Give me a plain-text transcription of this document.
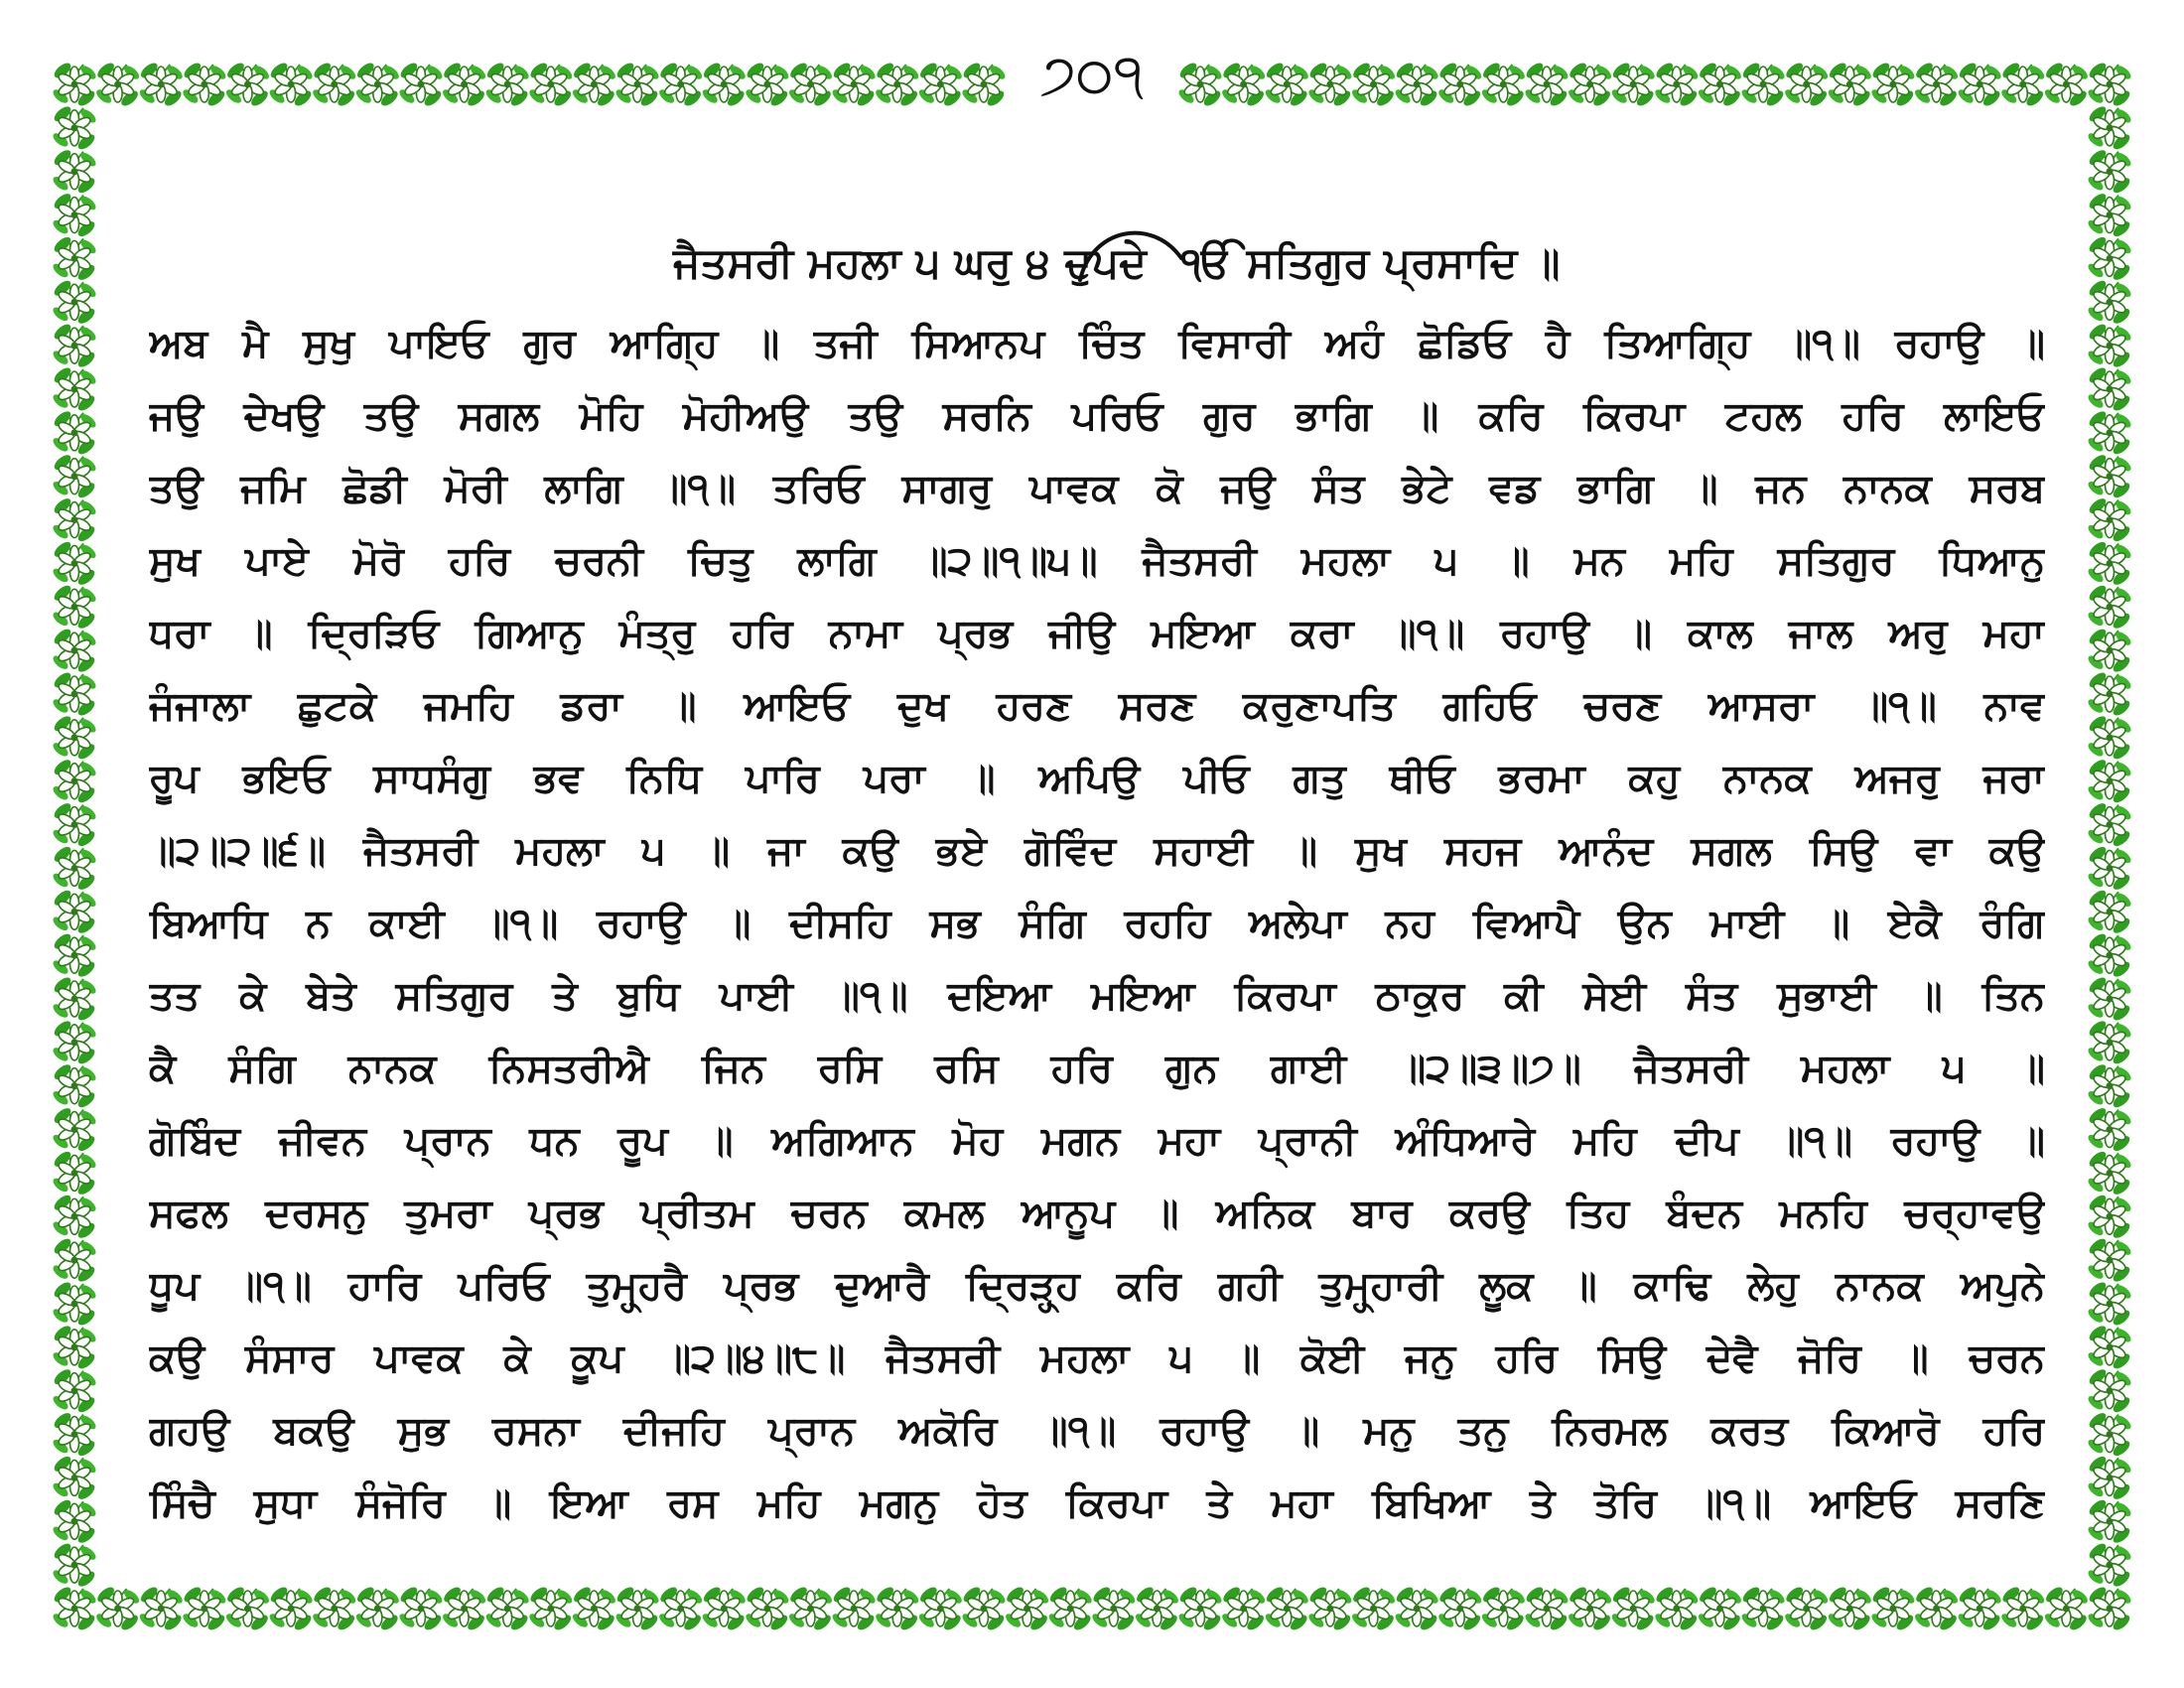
੭੦੧
ਜੈਤਸਰੀ ਮਹਲਾ ੫ ਘਰੁ ੪ ਦੁਪਦੇ ੴ ਸਤਿਗੁਰ ਪ੍ਰਸਾਦਿ ॥
ਅਬ ਮੈ ਸੁਖੁ ਪਾਇਓ ਗੁਰ ਆਗਿ੍ਹ ॥ ਤਜੀ ਸਿਆਨਪ ਚਿੰਤ ਵਿਸਾਰੀ ਅਹੰ ਛੋਡਿਓ ਹੈ ਤਿਆਗਿ੍ਹ ॥੧॥ ਰਹਾਉ ॥
ਜਉ ਦੇਖਉ ਤਉ ਸਗਲ ਮੋਹਿ ਮੋਹੀਅਉ ਤਉ ਸਰਨਿ ਪਰਿਓ ਗੁਰ ਭਾਗਿ ॥ ਕਰਿ ਕਿਰਪਾ ਟਹਲ ਹਰਿ ਲਾਇਓ
ਤਉ ਜਮਿ ਛੋਡੀ ਮੋਰੀ ਲਾਗਿ ॥੧॥ ਤਰਿਓ ਸਾਗਰੁ ਪਾਵਕ ਕੋ ਜਉ ਸੰਤ ਭੇਟੇ ਵਡ ਭਾਗਿ ॥ ਜਨ ਨਾਨਕ ਸਰਬ
ਸੁਖ ਪਾਏ ਮੋਰੋ ਹਰਿ ਚਰਨੀ ਚਿਤੁ ਲਾਗਿ ॥੨॥੧॥੫॥ ਜੈਤਸਰੀ ਮਹਲਾ ੫ ॥ ਮਨ ਮਹਿ ਸਤਿਗੁਰ ਧਿਆਨੁ
ਧਰਾ ॥ ਦ੍ਰਿੜਿਓ ਗਿਆਨੁ ਮੰਤ੍ਰੁ ਹਰਿ ਨਾਮਾ ਪ੍ਰਭ ਜੀਉ ਮਇਆ ਕਰਾ ॥੧॥ ਰਹਾਉ ॥ ਕਾਲ ਜਾਲ ਅਰੁ ਮਹਾ
ਜੰਜਾਲਾ ਛੁਟਕੇ ਜਮਹਿ ਡਰਾ ॥ ਆਇਓ ਦੁਖ ਹਰਣ ਸਰਣ ਕਰੁਣਾਪਤਿ ਗਹਿਓ ਚਰਣ ਆਸਰਾ ॥੧॥ ਨਾਵ
ਰੂਪ ਭਇਓ ਸਾਧਸੰਗੁ ਭਵ ਨਿਧਿ ਪਾਰਿ ਪਰਾ ॥ ਅਪਿਉ ਪੀਓ ਗਤੁ ਥੀਓ ਭਰਮਾ ਕਹੁ ਨਾਨਕ ਅਜਰੁ ਜਰਾ
॥੨॥੨॥੬॥ ਜੈਤਸਰੀ ਮਹਲਾ ੫ ॥ ਜਾ ਕਉ ਭਏ ਗੋਵਿੰਦ ਸਹਾਈ ॥ ਸੁਖ ਸਹਜ ਆਨੰਦ ਸਗਲ ਸਿਉ ਵਾ ਕਉ
ਬਿਆਧਿ ਨ ਕਾਈ ॥੧॥ ਰਹਾਉ ॥ ਦੀਸਹਿ ਸਭ ਸੰਗਿ ਰਹਹਿ ਅਲੇਪਾ ਨਹ ਵਿਆਪੈ ਉਨ ਮਾਈ ॥ ਏਕੈ ਰੰਗਿ
ਤਤ ਕੇ ਬੇਤੇ ਸਤਿਗੁਰ ਤੇ ਬੁਧਿ ਪਾਈ ॥੧॥ ਦਇਆ ਮਇਆ ਕਿਰਪਾ ਠਾਕੁਰ ਕੀ ਸੇਈ ਸੰਤ ਸੁਭਾਈ ॥ ਤਿਨ
ਕੈ ਸੰਗਿ ਨਾਨਕ ਨਿਸਤਰੀਐ ਜਿਨ ਰਸਿ ਰਸਿ ਹਰਿ ਗੁਨ ਗਾਈ ॥੨॥੩॥੭॥ ਜੈਤਸਰੀ ਮਹਲਾ ੫ ॥
ਗੋਬਿੰਦ ਜੀਵਨ ਪ੍ਰਾਨ ਧਨ ਰੂਪ ॥ ਅਗਿਆਨ ਮੋਹ ਮਗਨ ਮਹਾ ਪ੍ਰਾਨੀ ਅੰਧਿਆਰੇ ਮਹਿ ਦੀਪ ॥੧॥ ਰਹਾਉ ॥
ਸਫਲ ਦਰਸਨੁ ਤੁਮਰਾ ਪ੍ਰਭ ਪ੍ਰੀਤਮ ਚਰਨ ਕਮਲ ਆਨੂਪ ॥ ਅਨਿਕ ਬਾਰ ਕਰਉ ਤਿਹ ਬੰਦਨ ਮਨਹਿ ਚਰ੍ਹਾਵਉ
ਧੂਪ ॥੧॥ ਹਾਰਿ ਪਰਿਓ ਤੁਮ੍ਹ੍ਹਰੈ ਪ੍ਰਭ ਦੁਆਰੈ ਦ੍ਰਿੜ੍ਹ੍ਹ ਕਰਿ ਗਹੀ ਤੁਮ੍ਹ੍ਹਾਰੀ ਲੂਕ ॥ ਕਾਢਿ ਲੇਹੁ ਨਾਨਕ ਅਪੁਨੇ
ਕਉ ਸੰਸਾਰ ਪਾਵਕ ਕੇ ਕੂਪ ॥੨॥੪॥੮॥ ਜੈਤਸਰੀ ਮਹਲਾ ੫ ॥ ਕੋਈ ਜਨੁ ਹਰਿ ਸਿਉ ਦੇਵੈ ਜੋਰਿ ॥ ਚਰਨ
ਗਹਉ ਬਕਉ ਸੁਭ ਰਸਨਾ ਦੀਜਹਿ ਪ੍ਰਾਨ ਅਕੋਰਿ ॥੧॥ ਰਹਾਉ ॥ ਮਨੁ ਤਨੁ ਨਿਰਮਲ ਕਰਤ ਕਿਆਰੋ ਹਰਿ
ਸਿੰਚੈ ਸੁਧਾ ਸੰਜੋਰਿ ॥ ਇਆ ਰਸ ਮਹਿ ਮਗਨੁ ਹੋਤ ਕਿਰਪਾ ਤੇ ਮਹਾ ਬਿਖਿਆ ਤੇ ਤੋਰਿ ॥੧॥ ਆਇਓ ਸਰਣਿ
